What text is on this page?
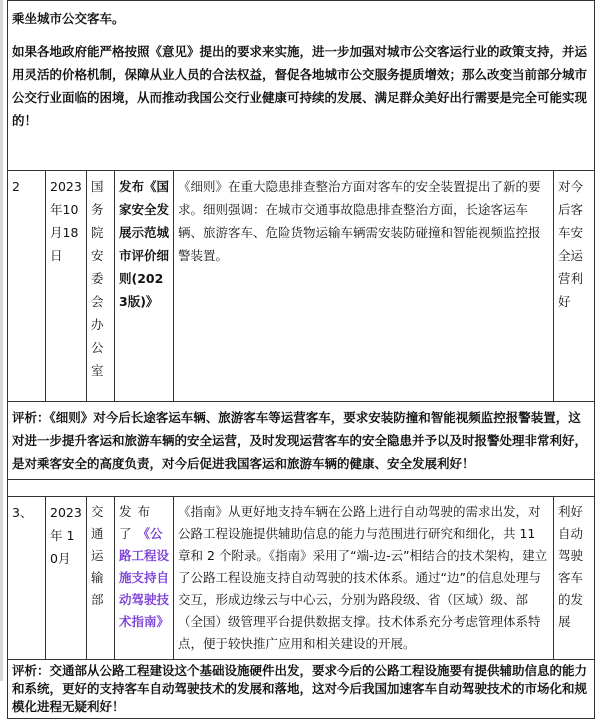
乘坐城市公交客车。

如果各地政府能严格按照《意见》提出的要求来实施，进一步加强对城市公交客运行业的政策支持，并运用灵活的价格机制，保障从业人员的合法权益，督促各地城市公交服务提质增效；那么改变当前部分城市公交行业面临的困境，从而推动我国公交行业健康可持续的发展、满足群众美好出行需要是完全可能实现的！					

2	2023年10月18日	国务院安委会办公室	发布《国家安全发展示范城市评价细则(2023版)》	《细则》在重大隐患排查整治方面对客车的安全装置提出了新的要求。细则强调：在城市交通事故隐患排查整治方面，长途客运车辆、旅游客车、危险货物运输车辆需安装防碰撞和智能视频监控报警装置。	对今后客车安全运营利好
评析：《细则》对今后长途客运车辆、旅游客车等运营客车，要求安装防撞和智能视频监控报警装置，这对进一步提升客运和旅游车辆的安全运营，及时发现运营客车的安全隐患并予以及时报警处理非常利好，是对乘客安全的高度负责，对今后促进我国客运和旅游车辆的健康、安全发展利好！					

3、	2023年 10月	交通运输部	发布了《公路工程设施支持自动驾驶技术指南》	《指南》从更好地支持车辆在公路上进行自动驾驶的需求出发，对公路工程设施提供辅助信息的能力与范围进行研究和细化，共 11 章和 2 个附录。《指南》采用了“端-边-云”相结合的技术架构，建立了公路工程设施支持自动驾驶的技术体系。通过“边”的信息处理与交互，形成边缘云与中心云，分别为路段级、省（区域）级、部（全国）级管理平台提供数据支撑。技术体系充分考虑管理体系特点，便于较快推广应用和相关建设的开展。	利好自动驾驶客车的发展
评析：交通部从公路工程建设这个基础设施硬件出发，要求今后的公路工程设施要有提供辅助信息的能力和系统，更好的支持客车自动驾驶技术的发展和落地，这对今后我国加速客车自动驾驶技术的市场化和规模化进程无疑利好！					
